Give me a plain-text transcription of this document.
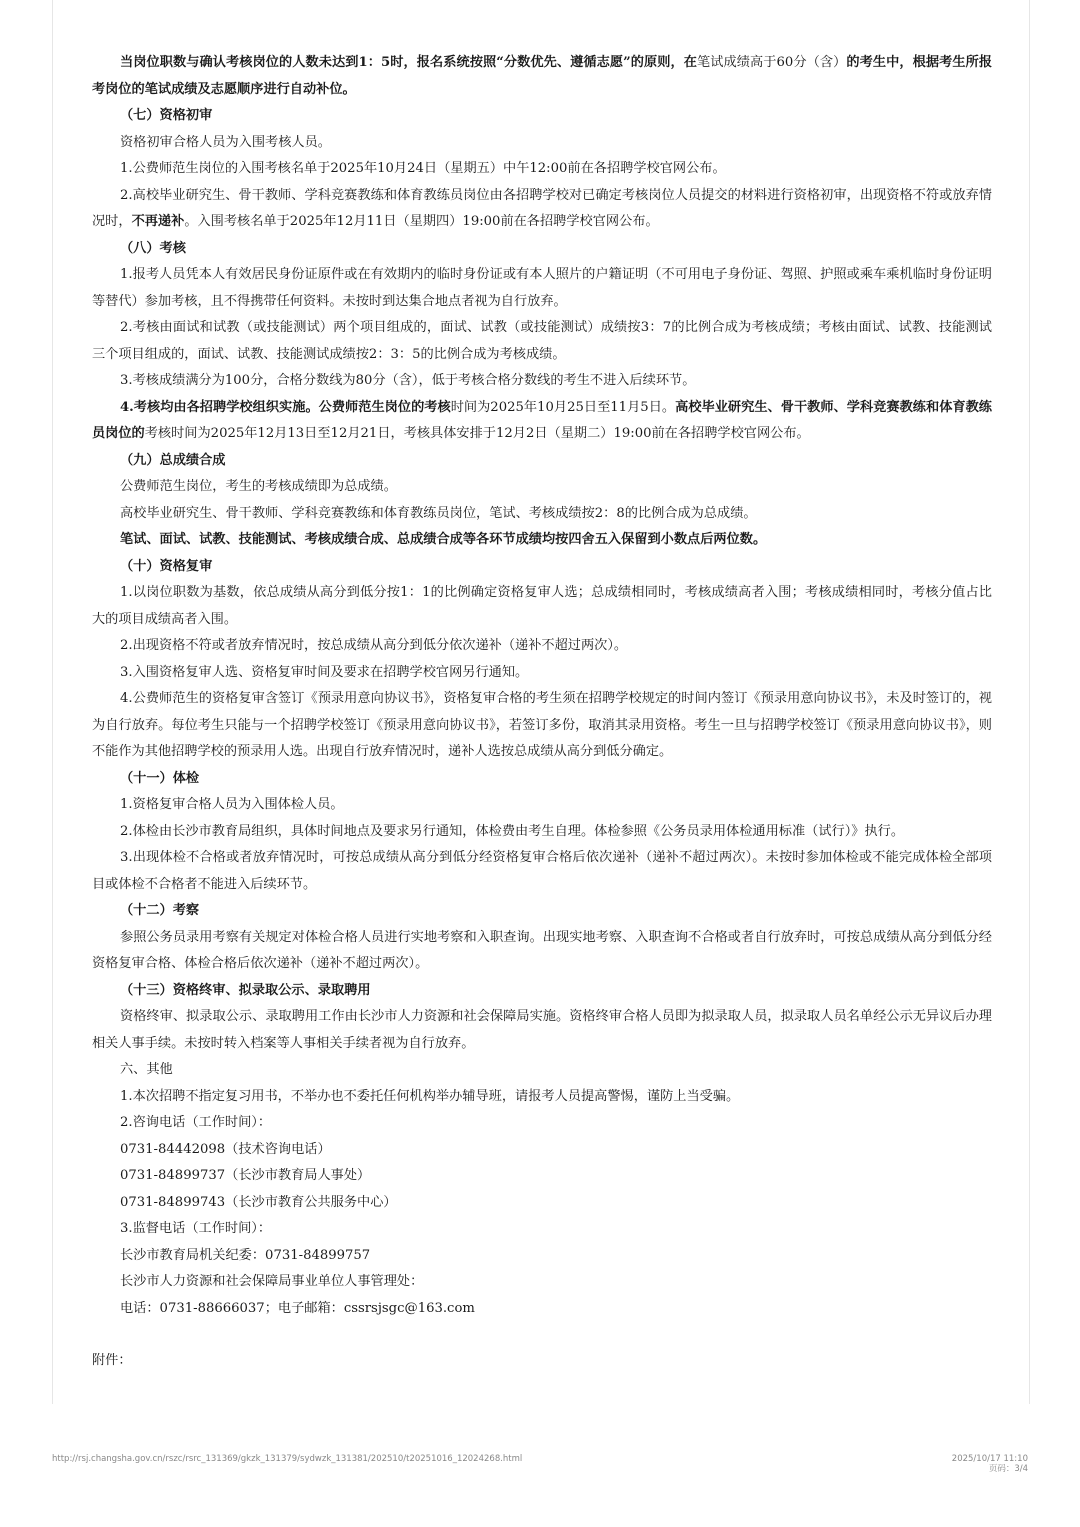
当岗位职数与确认考核岗位的人数未达到1：5时，报名系统按照“分数优先、遵循志愿”的原则，在笔试成绩高于60分（含）的考生中，根据考生所报考岗位的笔试成绩及志愿顺序进行自动补位。

（七）资格初审

资格初审合格人员为入围考核人员。

1.公费师范生岗位的入围考核名单于2025年10月24日（星期五）中午12:00前在各招聘学校官网公布。

2.高校毕业研究生、骨干教师、学科竞赛教练和体育教练员岗位由各招聘学校对已确定考核岗位人员提交的材料进行资格初审，出现资格不符或放弃情况时，不再递补。入围考核名单于2025年12月11日（星期四）19:00前在各招聘学校官网公布。

（八）考核

1.报考人员凭本人有效居民身份证原件或在有效期内的临时身份证或有本人照片的户籍证明（不可用电子身份证、驾照、护照或乘车乘机临时身份证明等替代）参加考核，且不得携带任何资料。未按时到达集合地点者视为自行放弃。

2.考核由面试和试教（或技能测试）两个项目组成的，面试、试教（或技能测试）成绩按3：7的比例合成为考核成绩；考核由面试、试教、技能测试三个项目组成的，面试、试教、技能测试成绩按2：3：5的比例合成为考核成绩。

3.考核成绩满分为100分，合格分数线为80分（含），低于考核合格分数线的考生不进入后续环节。

4.考核均由各招聘学校组织实施。公费师范生岗位的考核时间为2025年10月25日至11月5日。高校毕业研究生、骨干教师、学科竞赛教练和体育教练员岗位的考核时间为2025年12月13日至12月21日，考核具体安排于12月2日（星期二）19:00前在各招聘学校官网公布。

（九）总成绩合成

公费师范生岗位，考生的考核成绩即为总成绩。

高校毕业研究生、骨干教师、学科竞赛教练和体育教练员岗位，笔试、考核成绩按2：8的比例合成为总成绩。

笔试、面试、试教、技能测试、考核成绩合成、总成绩合成等各环节成绩均按四舍五入保留到小数点后两位数。

（十）资格复审

1.以岗位职数为基数，依总成绩从高分到低分按1：1的比例确定资格复审人选；总成绩相同时，考核成绩高者入围；考核成绩相同时，考核分值占比大的项目成绩高者入围。

2.出现资格不符或者放弃情况时，按总成绩从高分到低分依次递补（递补不超过两次）。

3.入围资格复审人选、资格复审时间及要求在招聘学校官网另行通知。

4.公费师范生的资格复审含签订《预录用意向协议书》，资格复审合格的考生须在招聘学校规定的时间内签订《预录用意向协议书》，未及时签订的，视为自行放弃。每位考生只能与一个招聘学校签订《预录用意向协议书》，若签订多份，取消其录用资格。考生一旦与招聘学校签订《预录用意向协议书》，则不能作为其他招聘学校的预录用人选。出现自行放弃情况时，递补人选按总成绩从高分到低分确定。

（十一）体检

1.资格复审合格人员为入围体检人员。

2.体检由长沙市教育局组织，具体时间地点及要求另行通知，体检费由考生自理。体检参照《公务员录用体检通用标准（试行）》执行。

3.出现体检不合格或者放弃情况时，可按总成绩从高分到低分经资格复审合格后依次递补（递补不超过两次）。未按时参加体检或不能完成体检全部项目或体检不合格者不能进入后续环节。

（十二）考察

参照公务员录用考察有关规定对体检合格人员进行实地考察和入职查询。出现实地考察、入职查询不合格或者自行放弃时，可按总成绩从高分到低分经资格复审合格、体检合格后依次递补（递补不超过两次）。

（十三）资格终审、拟录取公示、录取聘用

资格终审、拟录取公示、录取聘用工作由长沙市人力资源和社会保障局实施。资格终审合格人员即为拟录取人员，拟录取人员名单经公示无异议后办理相关人事手续。未按时转入档案等人事相关手续者视为自行放弃。

六、其他

1.本次招聘不指定复习用书，不举办也不委托任何机构举办辅导班，请报考人员提高警惕，谨防上当受骗。

2.咨询电话（工作时间）：

0731-84442098（技术咨询电话）

0731-84899737（长沙市教育局人事处）

0731-84899743（长沙市教育公共服务中心）

3.监督电话（工作时间）：

长沙市教育局机关纪委：0731-84899757

长沙市人力资源和社会保障局事业单位人事管理处：

电话：0731-88666037；电子邮箱：cssrsjsgc@163.com

附件：

http://rsj.changsha.gov.cn/rszc/rsrc_131369/gkzk_131379/sydwzk_131381/202510/t20251016_12024268.html	2025/10/17 11:10
页码：3/4
